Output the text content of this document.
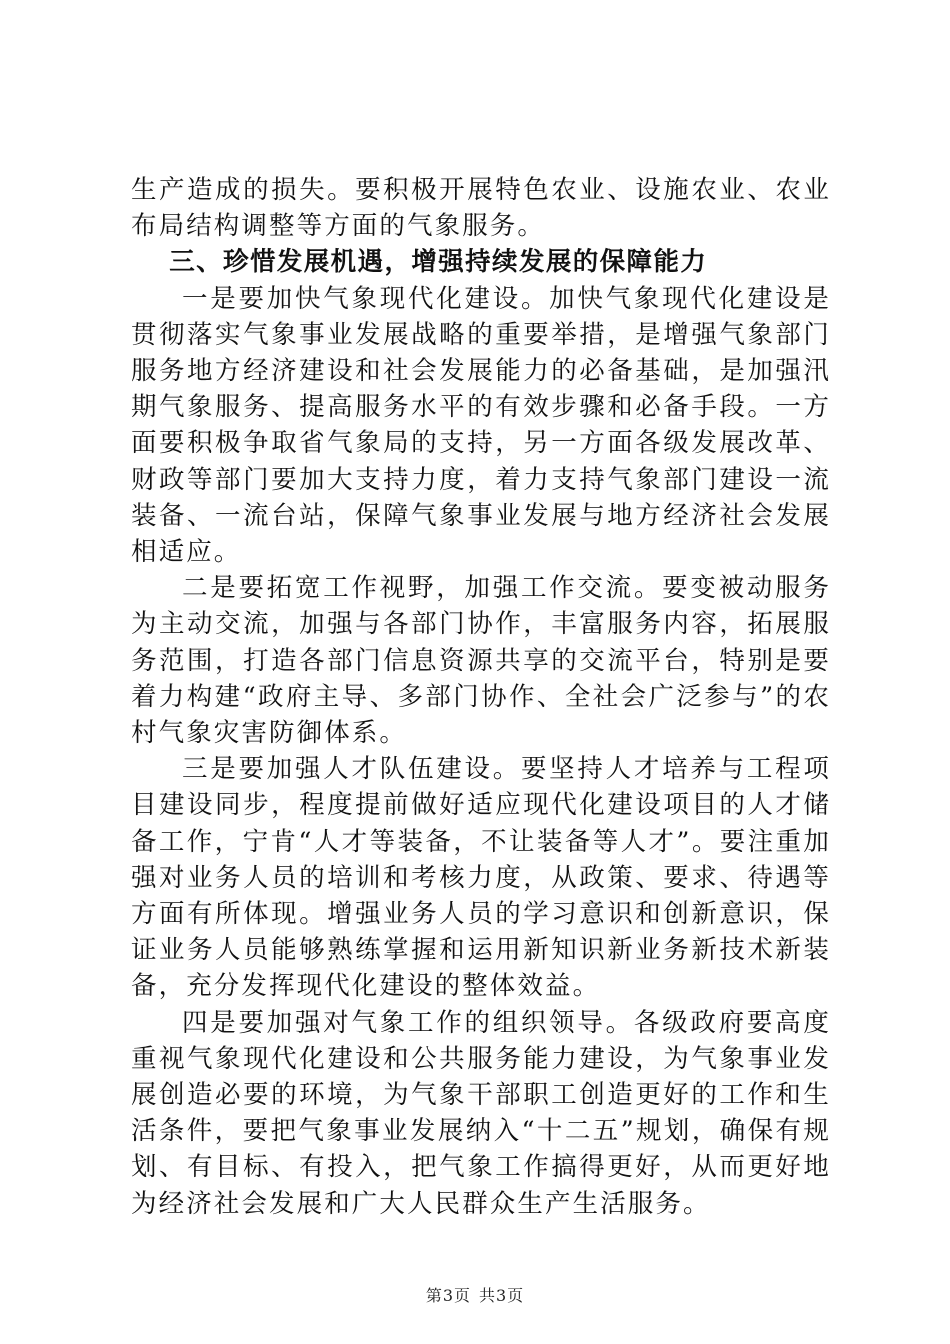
生产造成的损失。要积极开展特色农业、设施农业、农业布局结构调整等方面的气象服务。

三、珍惜发展机遇，增强持续发展的保障能力

一是要加快气象现代化建设。加快气象现代化建设是贯彻落实气象事业发展战略的重要举措，是增强气象部门服务地方经济建设和社会发展能力的必备基础，是加强汛期气象服务、提高服务水平的有效步骤和必备手段。一方面要积极争取省气象局的支持，另一方面各级发展改革、财政等部门要加大支持力度，着力支持气象部门建设一流装备、一流台站，保障气象事业发展与地方经济社会发展相适应。

二是要拓宽工作视野，加强工作交流。要变被动服务为主动交流，加强与各部门协作，丰富服务内容，拓展服务范围，打造各部门信息资源共享的交流平台，特别是要着力构建“政府主导、多部门协作、全社会广泛参与”的农村气象灾害防御体系。

三是要加强人才队伍建设。要坚持人才培养与工程项目建设同步，程度提前做好适应现代化建设项目的人才储备工作，宁肯“人才等装备，不让装备等人才”。要注重加强对业务人员的培训和考核力度，从政策、要求、待遇等方面有所体现。增强业务人员的学习意识和创新意识，保证业务人员能够熟练掌握和运用新知识新业务新技术新装备，充分发挥现代化建设的整体效益。

四是要加强对气象工作的组织领导。各级政府要高度重视气象现代化建设和公共服务能力建设，为气象事业发展创造必要的环境，为气象干部职工创造更好的工作和生活条件，要把气象事业发展纳入“十二五”规划，确保有规划、有目标、有投入，把气象工作搞得更好，从而更好地为经济社会发展和广大人民群众生产生活服务。

第3页 共3页
